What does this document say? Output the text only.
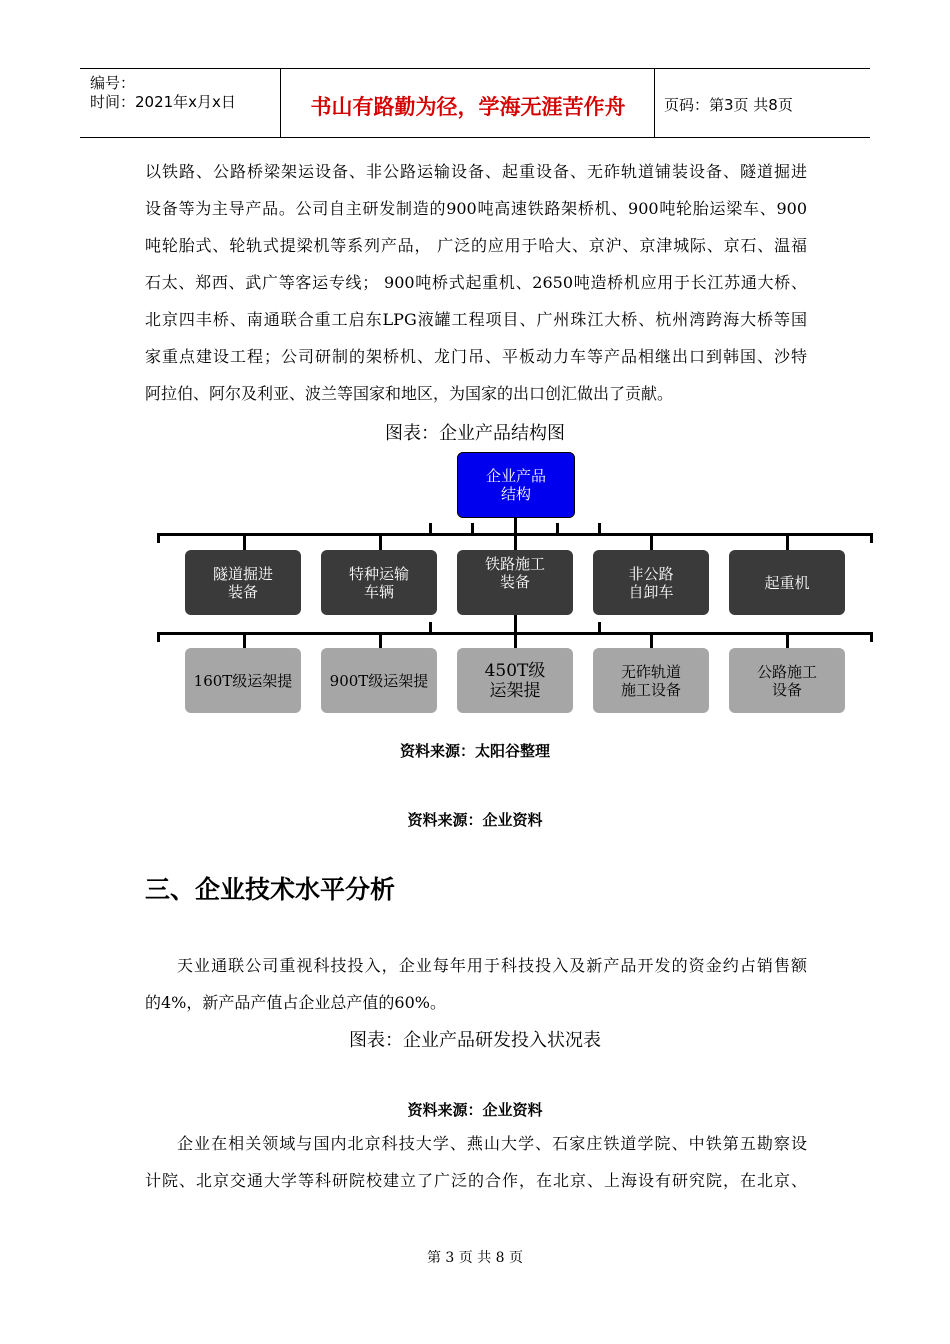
编号：
时间：2021年x月x日	书山有路勤为径，学海无涯苦作舟	页码：第3页 共8页
以铁路、公路桥梁架运设备、非公路运输设备、起重设备、无砟轨道铺装设备、隧道掘进
设备等为主导产品。公司自主研发制造的900吨高速铁路架桥机、900吨轮胎运梁车、900
吨轮胎式、轮轨式提梁机等系列产品， 广泛的应用于哈大、京沪、京津城际、京石、温福
石太、郑西、武广等客运专线； 900吨桥式起重机、2650吨造桥机应用于长江苏通大桥、
北京四丰桥、南通联合重工启东LPG液罐工程项目、广州珠江大桥、杭州湾跨海大桥等国
家重点建设工程；公司研制的架桥机、龙门吊、平板动力车等产品相继出口到韩国、沙特
阿拉伯、阿尔及利亚、波兰等国家和地区，为国家的出口创汇做出了贡献。
图表：企业产品结构图
企业产品
结构
隧道掘进
装备
特种运输
车辆
铁路施工
装备	非公路
自卸车	起重机
160T级运架提 900T级运架提	450T级
运架提
无砟轨道
施工设备
公路施工
设备
资料来源：太阳谷整理
资料来源：企业资料
三、企业技术水平分析
天业通联公司重视科技投入，企业每年用于科技投入及新产品开发的资金约占销售额
的4%，新产品产值占企业总产值的60%。
图表：企业产品研发投入状况表
资料来源：企业资料
企业在相关领域与国内北京科技大学、燕山大学、石家庄铁道学院、中铁第五勘察设
计院、北京交通大学等科研院校建立了广泛的合作，在北京、上海设有研究院，在北京、
第 3 页 共 8 页
